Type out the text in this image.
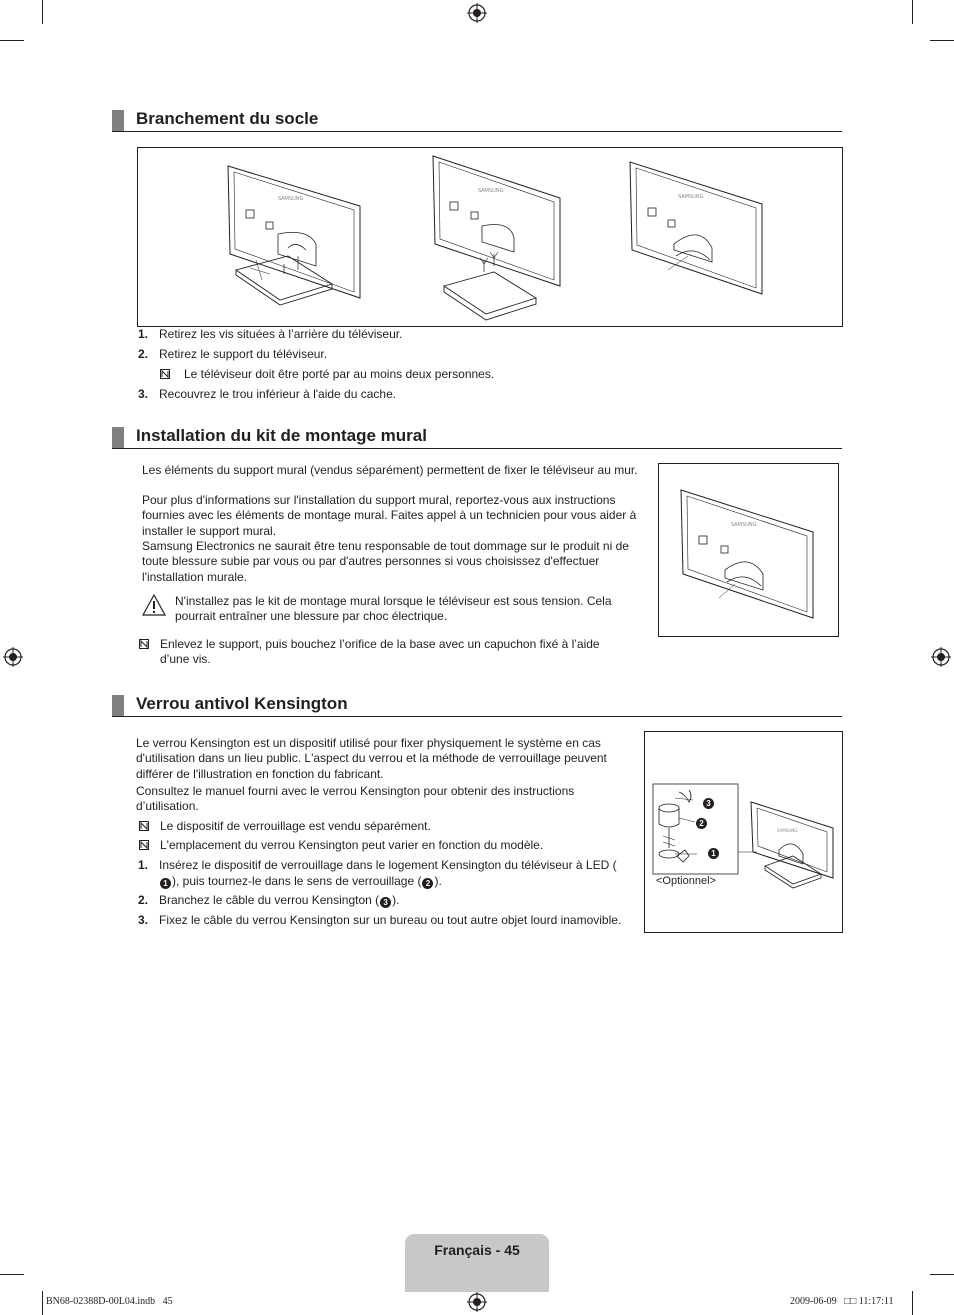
Branchement du socle
SAMSUNG
SAMSUNG
SAMSUNG
1. Retirez les vis situées à l’arrière du téléviseur.
2. Retirez le support du téléviseur.
Le téléviseur doit être porté par au moins deux personnes.
3. Recouvrez le trou inférieur à l'aide du cache.
Installation du kit de montage mural
Les éléments du support mural (vendus séparément) permettent de fixer le téléviseur au mur.
Pour plus d'informations sur l'installation du support mural, reportez-vous aux instructions fournies avec les éléments de montage mural. Faites appel à un technicien pour vous aider à installer le support mural.
Samsung Electronics ne saurait être tenu responsable de tout dommage sur le produit ni de toute blessure subie par vous ou par d'autres personnes si vous choisissez d'effectuer l'installation murale.
N'installez pas le kit de montage mural lorsque le téléviseur est sous tension. Cela pourrait entraîner une blessure par choc électrique.
Enlevez le support, puis bouchez l’orifice de la base avec un capuchon fixé à l’aide d’une vis.
SAMSUNG
Verrou antivol Kensington
Le verrou Kensington est un dispositif utilisé pour fixer physiquement le système en cas d'utilisation dans un lieu public. L'aspect du verrou et la méthode de verrouillage peuvent différer de l'illustration en fonction du fabricant.
Consultez le manuel fourni avec le verrou Kensington pour obtenir des instructions d’utilisation.
Le dispositif de verrouillage est vendu séparément.
L'emplacement du verrou Kensington peut varier en fonction du modèle.
1. Insérez le dispositif de verrouillage dans le logement Kensington du téléviseur à LED (1 ), puis tournez-le dans le sens de verrouillage ( 2 ).
2. Branchez le câble du verrou Kensington ( 3 ).
3. Fixez le câble du verrou Kensington sur un bureau ou tout autre objet lourd inamovible.
SAMSUNG
3
2
1
<Optionnel>
Français - 45
BN68-02388D-00L04.indb   45	2009-06-09   □□ 11:17:11
